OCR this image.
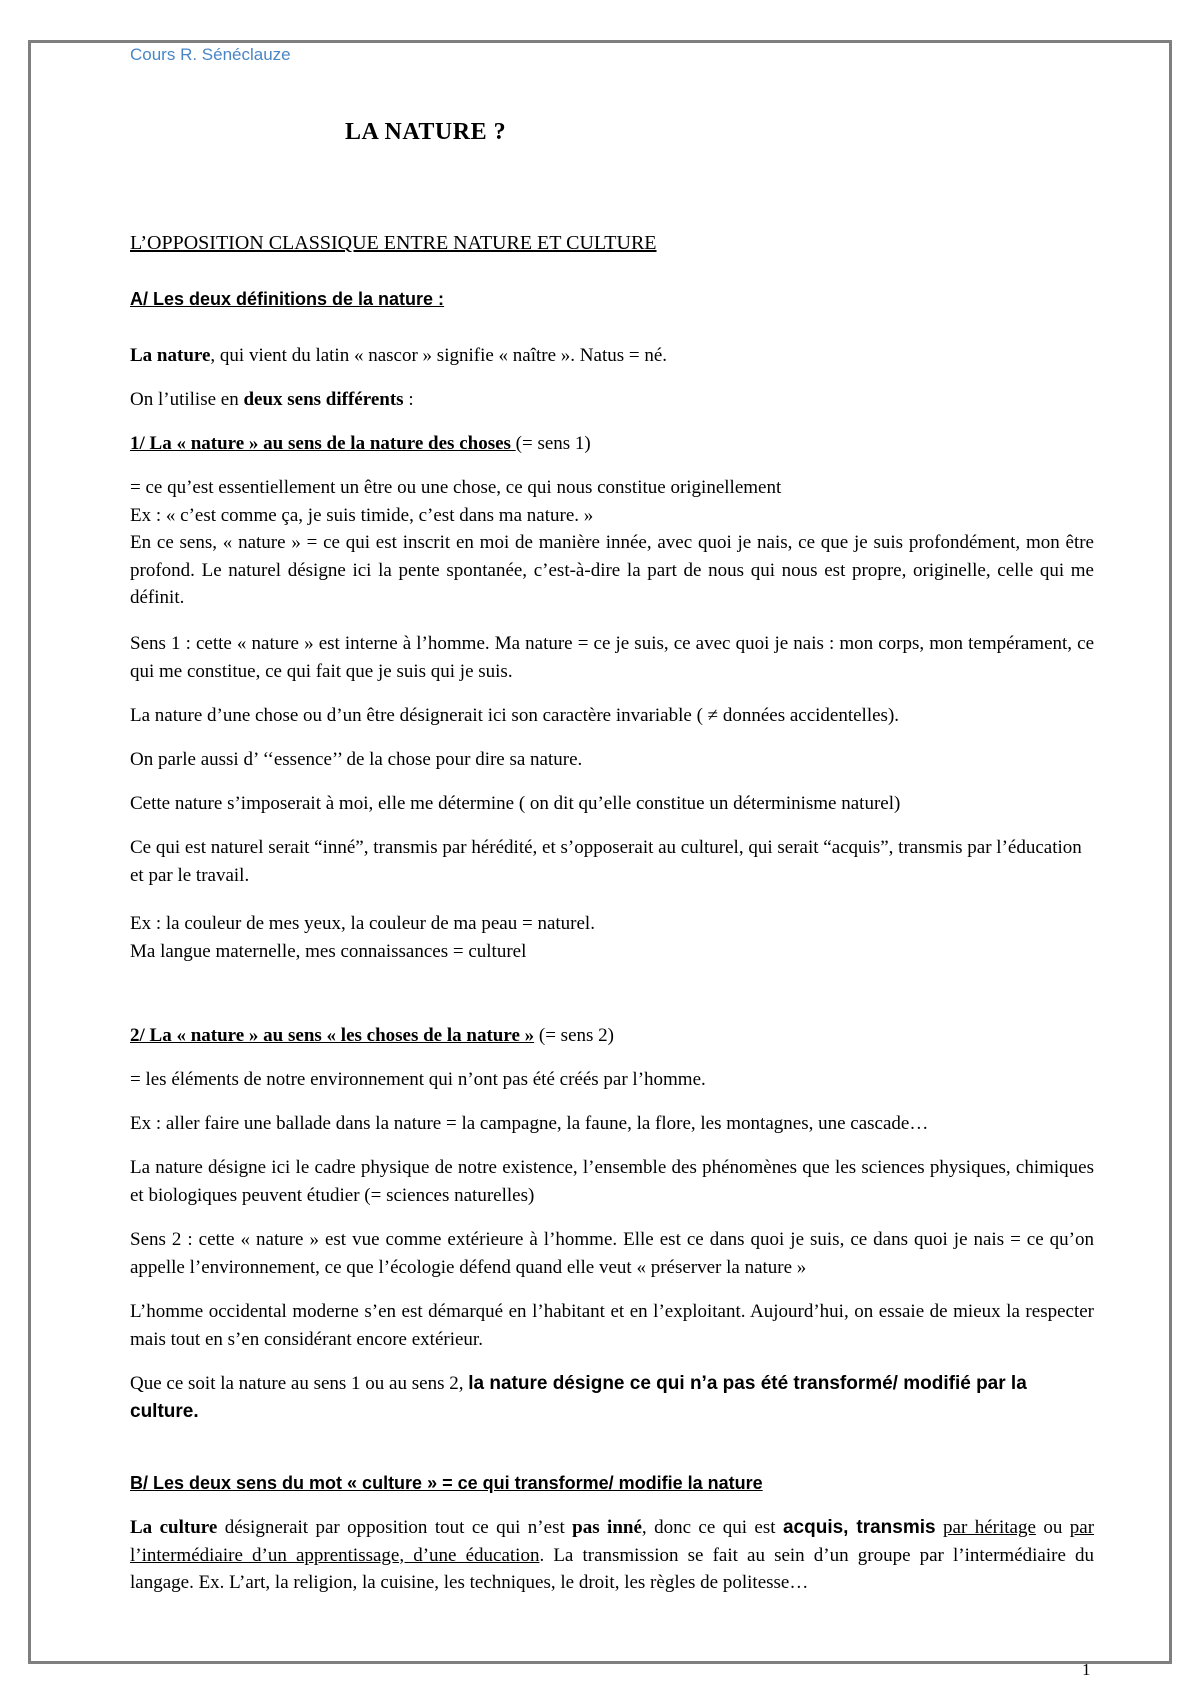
Cours R. Sénéclauze
LA NATURE ?

L’OPPOSITION CLASSIQUE ENTRE NATURE ET CULTURE

A/ Les deux définitions de la nature :

La nature, qui vient du latin « nascor » signifie « naître ». Natus = né.

On l’utilise en deux sens différents :

1/ La « nature » au sens de la nature des choses (= sens 1)

= ce qu’est essentiellement un être ou une chose, ce qui nous constitue originellement
Ex : « c’est comme ça, je suis timide, c’est dans ma nature. »
En ce sens, « nature » = ce qui est inscrit en moi de manière innée, avec quoi je nais, ce que je suis profondément, mon être profond. Le naturel désigne ici la pente spontanée, c’est-à-dire la part de nous qui nous est propre, originelle, celle qui me définit.

Sens 1 : cette « nature » est interne à l’homme. Ma nature = ce je suis, ce avec quoi je nais : mon corps, mon tempérament, ce qui me constitue, ce qui fait que je suis qui je suis.

La nature d’une chose ou d’un être désignerait ici son caractère invariable ( ≠ données accidentelles).

On parle aussi d’ ‘‘essence’’ de la chose pour dire sa nature.

Cette nature s’imposerait à moi, elle me détermine ( on dit qu’elle constitue un déterminisme naturel)

Ce qui est naturel serait “inné”, transmis par hérédité, et s’opposerait au culturel, qui serait “acquis”, transmis par l’éducation et par le travail.

Ex : la couleur de mes yeux, la couleur de ma peau = naturel.
Ma langue maternelle, mes connaissances = culturel

2/ La « nature » au sens « les choses de la nature » (= sens 2)

= les éléments de notre environnement qui n’ont pas été créés par l’homme.

Ex : aller faire une ballade dans la nature = la campagne, la faune, la flore, les montagnes, une cascade…

La nature désigne ici le cadre physique de notre existence, l’ensemble des phénomènes que les sciences physiques, chimiques et biologiques peuvent étudier (= sciences naturelles)

Sens 2 : cette « nature » est vue comme extérieure à l’homme. Elle est ce dans quoi je suis, ce dans quoi je nais = ce qu’on appelle l’environnement, ce que l’écologie défend quand elle veut « préserver la nature »

L’homme occidental moderne s’en est démarqué en l’habitant et en l’exploitant. Aujourd’hui, on essaie de mieux la respecter mais tout en s’en considérant encore extérieur.

Que ce soit la nature au sens 1 ou au sens 2, la nature désigne ce qui n’a pas été transformé/ modifié par la culture.

B/ Les deux sens du mot « culture » = ce qui transforme/ modifie la nature

La culture désignerait par opposition tout ce qui n’est pas inné, donc ce qui est acquis, transmis par héritage ou par l’intermédiaire d’un apprentissage, d’une éducation. La transmission se fait au sein d’un groupe par l’intermédiaire du langage. Ex. L’art, la religion, la cuisine, les techniques, le droit, les règles de politesse…

1
